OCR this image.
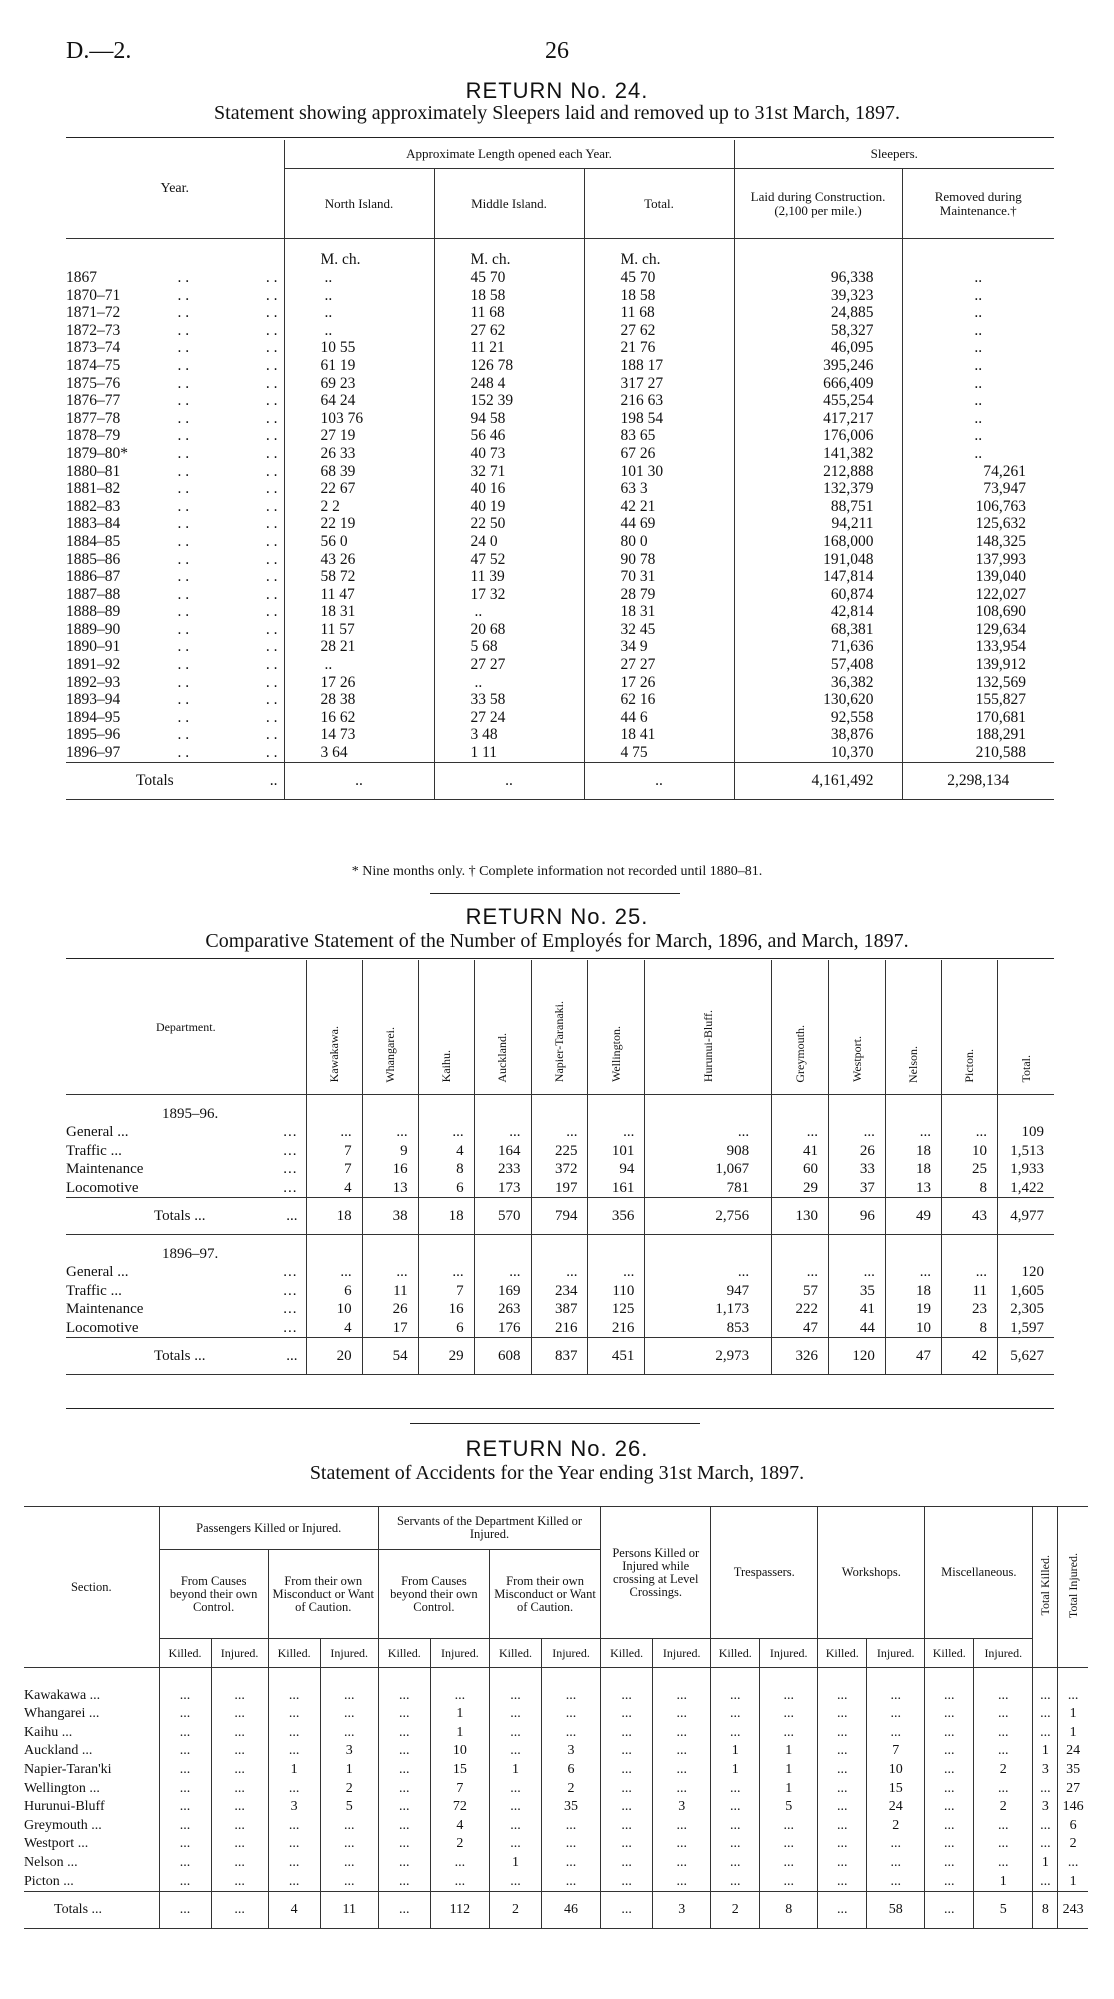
D.—2.	26
RETURN No. 24.
Statement showing approximately Sleepers laid and removed up to 31st March, 1897.
Year.	Approximate Length opened each Year.			Sleepers.	
	North Island.	Middle Island.	Total.	Laid during Construction. (2,100 per mile.)	Removed during Maintenance.†
	M. ch.	M. ch.	M. ch.		
1867 . . . .	..	45 70	45 70	96,338	..
1870–71 . . . .	..	18 58	18 58	39,323	..
1871–72 . . . .	..	11 68	11 68	24,885	..
1872–73 . . . .	..	27 62	27 62	58,327	..
1873–74 . . . .	10 55	11 21	21 76	46,095	..
1874–75 . . . .	61 19	126 78	188 17	395,246	..
1875–76 . . . .	69 23	248 4	317 27	666,409	..
1876–77 . . . .	64 24	152 39	216 63	455,254	..
1877–78 . . . .	103 76	94 58	198 54	417,217	..
1878–79 . . . .	27 19	56 46	83 65	176,006	..
1879–80* . . . .	26 33	40 73	67 26	141,382	..
1880–81 . . . .	68 39	32 71	101 30	212,888	74,261
1881–82 . . . .	22 67	40 16	63 3	132,379	73,947
1882–83 . . . .	2 2	40 19	42 21	88,751	106,763
1883–84 . . . .	22 19	22 50	44 69	94,211	125,632
1884–85 . . . .	56 0	24 0	80 0	168,000	148,325
1885–86 . . . .	43 26	47 52	90 78	191,048	137,993
1886–87 . . . .	58 72	11 39	70 31	147,814	139,040
1887–88 . . . .	11 47	17 32	28 79	60,874	122,027
1888–89 . . . .	18 31	..	18 31	42,814	108,690
1889–90 . . . .	11 57	20 68	32 45	68,381	129,634
1890–91 . . . .	28 21	5 68	34 9	71,636	133,954
1891–92 . . . .	..	27 27	27 27	57,408	139,912
1892–93 . . . .	17 26	..	17 26	36,382	132,569
1893–94 . . . .	28 38	33 58	62 16	130,620	155,827
1894–95 . . . .	16 62	27 24	44 6	92,558	170,681
1895–96 . . . .	14 73	3 48	18 41	38,876	188,291
1896–97 . . . .	3 64	1 11	4 75	10,370	210,588
Totals ..	..	..	..	4,161,492	2,298,134
* Nine months only. † Complete information not recorded until 1880–81.
RETURN No. 25.
Comparative Statement of the Number of Employés for March, 1896, and March, 1897.
Department.	Kawakawa.	Whangarei.	Kaihu.	Auckland.	Napier-Taranaki.	Wellington.	Hurunui-Bluff.	Greymouth.	Westport.	Nelson.	Picton.	Total.
1895–96.												
General ... ...	...	...	...	...	...	...	...	...	...	...	...	109
Traffic ... ...	7	9	4	164	225	101	908	41	26	18	10	1,513
Maintenance ...	7	16	8	233	372	94	1,067	60	33	18	25	1,933
Locomotive ...	4	13	6	173	197	161	781	29	37	13	8	1,422
Totals ... ...	18	38	18	570	794	356	2,756	130	96	49	43	4,977
1896–97.												
General ... ...	...	...	...	...	...	...	...	...	...	...	...	120
Traffic ... ...	6	11	7	169	234	110	947	57	35	18	11	1,605
Maintenance ...	10	26	16	263	387	125	1,173	222	41	19	23	2,305
Locomotive ...	4	17	6	176	216	216	853	47	44	10	8	1,597
Totals ... ...	20	54	29	608	837	451	2,973	326	120	47	42	5,627
RETURN No. 26.
Statement of Accidents for the Year ending 31st March, 1897.
Section.	Passengers Killed or Injured.				Servants of the Department Killed or Injured.				Persons Killed or Injured while crossing at Level Crossings.		Trespassers.		Workshops.		Miscellaneous.		Total Killed.	Total Injured.
	From Causes beyond their own Control.		From their own Misconduct or Want of Caution.		From Causes beyond their own Control.		From their own Misconduct or Want of Caution.											
	Killed.	Injured.	Killed.	Injured.	Killed.	Injured.	Killed.	Injured.	Killed.	Injured.	Killed.	Injured.	Killed.	Injured.	Killed.	Injured.		

Kawakawa ...	...	...	...	...	...	...	...	...	...	...	...	...	...	...	...	...	...	...
Whangarei ...	...	...	...	...	...	1	...	...	...	...	...	...	...	...	...	...	...	1
Kaihu ...	...	...	...	...	...	1	...	...	...	...	...	...	...	...	...	...	...	1
Auckland ...	...	...	...	3	...	10	...	3	...	...	1	1	...	7	...	...	1	24
Napier-Taran'ki	...	...	1	1	...	15	1	6	...	...	1	1	...	10	...	2	3	35
Wellington ...	...	...	...	2	...	7	...	2	...	...	...	1	...	15	...	...	...	27
Hurunui-Bluff	...	...	3	5	...	72	...	35	...	3	...	5	...	24	...	2	3	146
Greymouth ...	...	...	...	...	...	4	...	...	...	...	...	...	...	2	...	...	...	6
Westport ...	...	...	...	...	...	2	...	...	...	...	...	...	...	...	...	...	...	2
Nelson ...	...	...	...	...	...	...	1	...	...	...	...	...	...	...	...	...	1	...
Picton ...	...	...	...	...	...	...	...	...	...	...	...	...	...	...	...	1	...	1
Totals ...	...	...	4	11	...	112	2	46	...	3	2	8	...	58	...	5	8	243
